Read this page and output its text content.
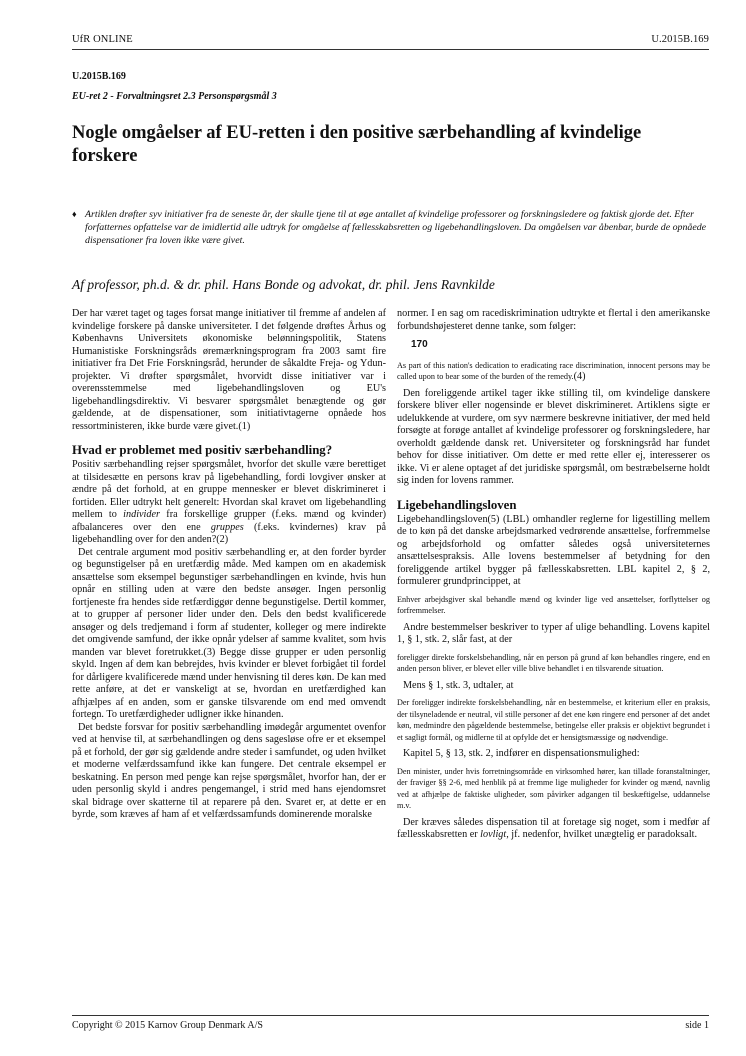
UfR ONLINE	U.2015B.169
U.2015B.169
EU-ret 2 - Forvaltningsret 2.3 Personspørgsmål 3
Nogle omgåelser af EU-retten i den positive særbehandling af kvindelige forskere
♦ Artiklen drøfter syv initiativer fra de seneste år, der skulle tjene til at øge antallet af kvindelige professorer og forskningsledere og faktisk gjorde det. Efter forfatternes opfattelse var de imidlertid alle udtryk for omgåelse af fællesskabsretten og ligebehandlingsloven. Da omgåelsen var åbenbar, burde de opnåede dispensationer fra loven ikke være givet.
Af professor, ph.d. & dr. phil. Hans Bonde og advokat, dr. phil. Jens Ravnkilde

Der har været taget og tages forsat mange initiativer til fremme af andelen af kvindelige forskere på danske universiteter. I det følgende drøftes Århus og Københavns Universitets økonomiske belønningspolitik, Statens Humanistiske Forskningsråds øremærkningsprogram fra 2003 samt fire initiativer fra Det Frie Forskningsråd, herunder de såkaldte Freja- og Ydun-projekter. Vi drøfter spørgsmålet, hvorvidt disse initiativer var i overensstemmelse med ligebehandlingsloven og EU's ligebehandlingsdirektiv. Vi besvarer spørgsmålet benægtende og gør gældende, at de dispensationer, som initiativtagerne opnåede hos ressortministeren, ikke burde være givet.(1)

Hvad er problemet med positiv særbehandling?

Positiv særbehandling rejser spørgsmålet, hvorfor det skulle være berettiget at tilsidesætte en persons krav på ligebehandling, fordi lovgiver ønsker at ændre på det forhold, at en gruppe mennesker er blevet diskrimineret i fortiden. Eller udtrykt helt generelt: Hvordan skal kravet om ligebehandling mellem to individer fra forskellige grupper (f.eks. mænd og kvinder) afbalanceres over den ene gruppes (f.eks. kvindernes) krav på ligebehandling over for den anden?(2)

Det centrale argument mod positiv særbehandling er, at den forder byrder og begunstigelser på en uretfærdig måde. Med kampen om en akademisk ansættelse som eksempel begunstiger særbehandlingen en kvinde, hvis hun opnår en stilling uden at være den bedste ansøger. Ingen personlig fortjeneste fra hendes side retfærdiggør denne begunstigelse. Dertil kommer, at to grupper af personer lider under den. Dels den bedst kvalificerede ansøger og dels tredjemand i form af studenter, kolleger og mere indirekte det omgivende samfund, der ikke opnår ydelser af samme kvalitet, som hvis manden var blevet foretrukket.(3) Begge disse grupper er uden personlig skyld. Ingen af dem kan bebrejdes, hvis kvinder er blevet forbigået til fordel for dårligere kvalificerede mænd under henvisning til deres køn. De kan med rette anføre, at det er vanskeligt at se, hvordan en uretfærdighed kan afhjælpes af en anden, som er ganske tilsvarende om end med omvendt fortegn. To uretfærdigheder udligner ikke hinanden.

Det bedste forsvar for positiv særbehandling imødegår argumentet ovenfor ved at henvise til, at særbehandlingen og dens sagesløse ofre er et eksempel på et forhold, der gør sig gældende andre steder i samfundet, og uden hvilket et moderne velfærdssamfund ikke kan fungere. Det centrale eksempel er beskatning. En person med penge kan rejse spørgsmålet, hvorfor han, der er uden personlig skyld i andres pengemangel, i strid med hans ejendomsret skal bidrage over skatterne til at reparere på den. Svaret er, at dette er en byrde, som kræves af ham af et velfærdssamfunds dominerende moralske

normer. I en sag om racediskrimination udtrykte et flertal i den amerikanske forbundshøjesteret denne tanke, som følger:

170
As part of this nation's dedication to eradicating race discrimination, innocent persons may be called upon to bear some of the burden of the remedy.(4)

Den foreliggende artikel tager ikke stilling til, om kvindelige danskere forskere bliver eller nogensinde er blevet diskrimineret. Artiklens sigte er udelukkende at vurdere, om syv nærmere beskrevne initiativer, der med held forsøgte at forøge antallet af kvindelige professorer og forskningsledere, har overholdt gældende dansk ret. Universiteter og forskningsråd har fundet behov for disse initiativer. Om dette er med rette eller ej, interesserer os ikke. Vi er alene optaget af det juridiske spørgsmål, om bestræbelserne holdt sig inden for lovens rammer.

Ligebehandlingsloven

Ligebehandlingsloven(5) (LBL) omhandler reglerne for ligestilling mellem de to køn på det danske arbejdsmarked vedrørende ansættelse, forfremmelse og arbejdsforhold og omfatter således også universiteternes ansættelsespraksis. Alle lovens bestemmelser af betydning for den foreliggende artikel bygger på fællesskabsretten. LBL kapitel 2, § 2, formulerer grundprincippet, at

Enhver arbejdsgiver skal behandle mænd og kvinder lige ved ansættelser, forflyttelser og forfremmelser.

Andre bestemmelser beskriver to typer af ulige behandling. Lovens kapitel 1, § 1, stk. 2, slår fast, at der

foreligger direkte forskelsbehandling, når en person på grund af køn behandles ringere, end en anden person bliver, er blevet eller ville blive behandlet i en tilsvarende situation.

Mens § 1, stk. 3, udtaler, at

Der foreligger indirekte forskelsbehandling, når en bestemmelse, et kriterium eller en praksis, der tilsyneladende er neutral, vil stille personer af det ene køn ringere end personer af det andet køn, medmindre den pågældende bestemmelse, betingelse eller praksis er objektivt begrundet i et sagligt formål, og midlerne til at opfylde det er hensigtsmæssige og nødvendige.

Kapitel 5, § 13, stk. 2, indfører en dispensationsmulighed:

Den minister, under hvis forretningsområde en virksomhed hører, kan tillade foranstaltninger, der fraviger §§ 2-6, med henblik på at fremme lige muligheder for kvinder og mænd, navnlig ved at afhjælpe de faktiske uligheder, som påvirker adgangen til beskæftigelse, uddannelse m.v.

Der kræves således dispensation til at foretage sig noget, som i medfør af fællesskabsretten er lovligt, jf. nedenfor, hvilket unægtelig er paradoksalt.

Copyright © 2015 Karnov Group Denmark A/S	side 1
